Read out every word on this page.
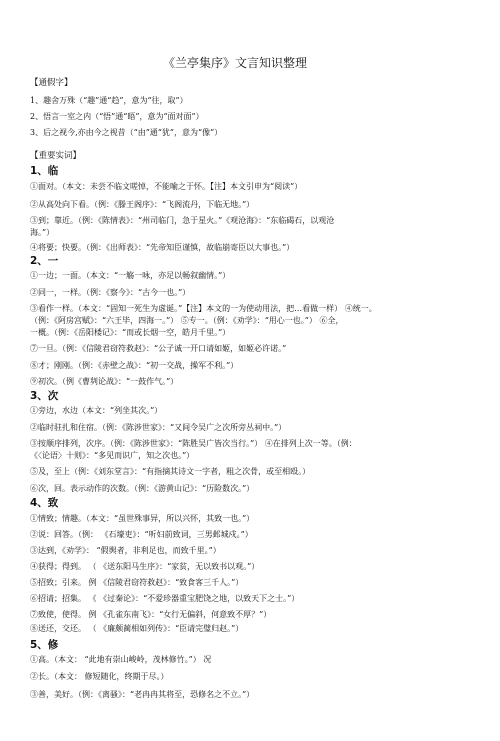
《兰亭集序》文言知识整理
【通假字】
1、趣舍万殊（“趣”通“趋”，意为“往，取”）
2、悟言一室之内（“悟”通“晤”，意为“面对面”）
3、后之视今,亦由今之视昔（“由”通“犹”，意为“像”）
【重要实词】
1、临
①面对。（本文：未尝不临文嗟悼，不能喻之于怀。【注】本文引申为“阅读”）
②从高处向下看。（例：《滕王阁序》：“飞阁流丹，下临无地。”）
③到；靠近。（例：《陈情表》：“州司临门，急于星火。”《观沧海》：“东临碣石，以观沧
海。”）
④将要；快要。（例：《出师表》：“先帝知臣谨慎，故临崩寄臣以大事也。”）
2、一
①一边；一面。（本文：“一觞一咏，亦足以畅叙幽情。”）
②同一，一样。（例：《察今》：“古今一也。”）
③看作一样。（本文：“固知一死生为虚诞。”【注】本文的一为使动用法，把…看做一样） ④统一。
（例：《阿房宫赋》：“六王毕，四海一。”） ⑤专一。（例：《劝学》：“用心一也。”） ⑥全，
一概。（例：《岳阳楼记》：“而或长烟一空，皓月千里。”）
⑦一旦。（例：《信陵君窃符救赵》：“公子诚一开口请如姬，如姬必许诺。”
⑧才；刚刚。（例：《赤壁之战》：“初一交战，操军不利。”）
⑨初次。（例《曹刿论战》：“一鼓作气。”）
3、次
①旁边，水边（本文：“列坐其次。”）
②临时驻扎和住宿。（例：《陈涉世家》：“又间令吴广之次所旁丛祠中。”）
③按顺序排列，次序。（例：《陈涉世家》：“陈胜吴广皆次当行。”） ④在排列上次一等。（例：
《〈论语〉十则》：“多见而识广，知之次也。”）
⑤及，至上（例：《刘东堂言》：“有指摘其诗文一字者，粗之次骨，或至相殴。）
⑥次，回。表示动作的次数。（例：《游黄山记》：“历险数次。”）
4、致
①情致；情趣。（本文：“虽世殊事异，所以兴怀，其致一也。”）
②说：回答。（例： 《石壕吏》：“听妇前致词，三男邺城戍。”）
③达到，《劝学》： “假舆者，非利足也，而致千里。”）
④获得；得到。 （ 《送东阳马生序》：“家贫，无以致书以观。”）
⑤招致；引来。 例 《信陵君窃符救赵》：“致食客三千人。”）
⑥招请；招集。 《 《过秦论》：“不爱珍器重宝肥饶之地，以致天下之士。”）
⑦致使，使得。 例 《孔雀东南飞》：“女行无偏斜，何意致不厚？”）
⑧送还，交还。 （ 《廉颇蔺相如列传》：“臣请完璧归赵。”）
5、修
①高。（本文： “此地有崇山峻岭，茂林修竹。”） 况
②长。（本文： 修短随化，终期于尽。）
③善，美好。（例：《离骚》：“老冉冉其将至，恐修名之不立。”）
